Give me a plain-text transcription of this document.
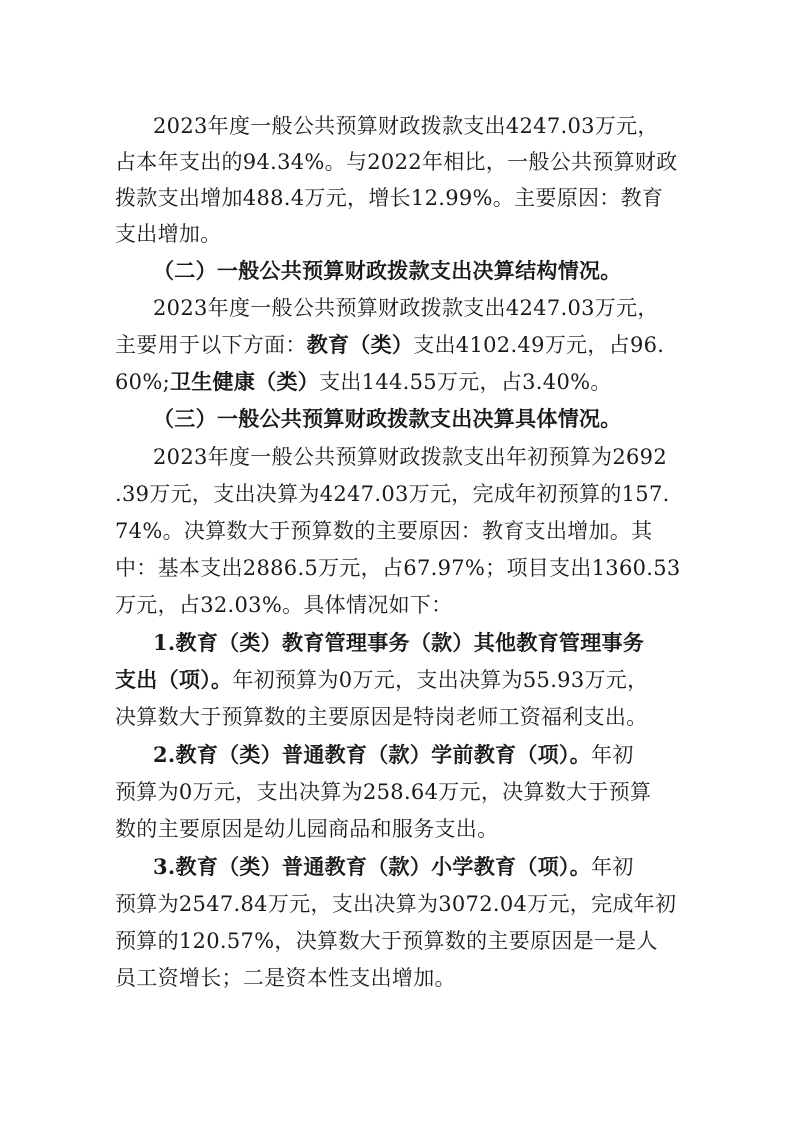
2023年度一般公共预算财政拨款支出4247.03万元，
占本年支出的94.34%。与2022年相比，一般公共预算财政
拨款支出增加488.4万元，增长12.99%。主要原因：教育
支出增加。
（二）一般公共预算财政拨款支出决算结构情况。
2023年度一般公共预算财政拨款支出4247.03万元，
主要用于以下方面：教育（类）支出4102.49万元，占96.
60%;卫生健康（类）支出144.55万元，占3.40%。
（三）一般公共预算财政拨款支出决算具体情况。
2023年度一般公共预算财政拨款支出年初预算为2692
.39万元，支出决算为4247.03万元，完成年初预算的157.
74%。决算数大于预算数的主要原因：教育支出增加。其
中：基本支出2886.5万元，占67.97%；项目支出1360.53
万元，占32.03%。具体情况如下：
1.教育（类）教育管理事务（款）其他教育管理事务
支出（项）。年初预算为0万元，支出决算为55.93万元，
决算数大于预算数的主要原因是特岗老师工资福利支出。
2.教育（类）普通教育（款）学前教育（项）。年初
预算为0万元，支出决算为258.64万元，决算数大于预算
数的主要原因是幼儿园商品和服务支出。
3.教育（类）普通教育（款）小学教育（项）。年初
预算为2547.84万元，支出决算为3072.04万元，完成年初
预算的120.57%，决算数大于预算数的主要原因是一是人
员工资增长；二是资本性支出增加。
